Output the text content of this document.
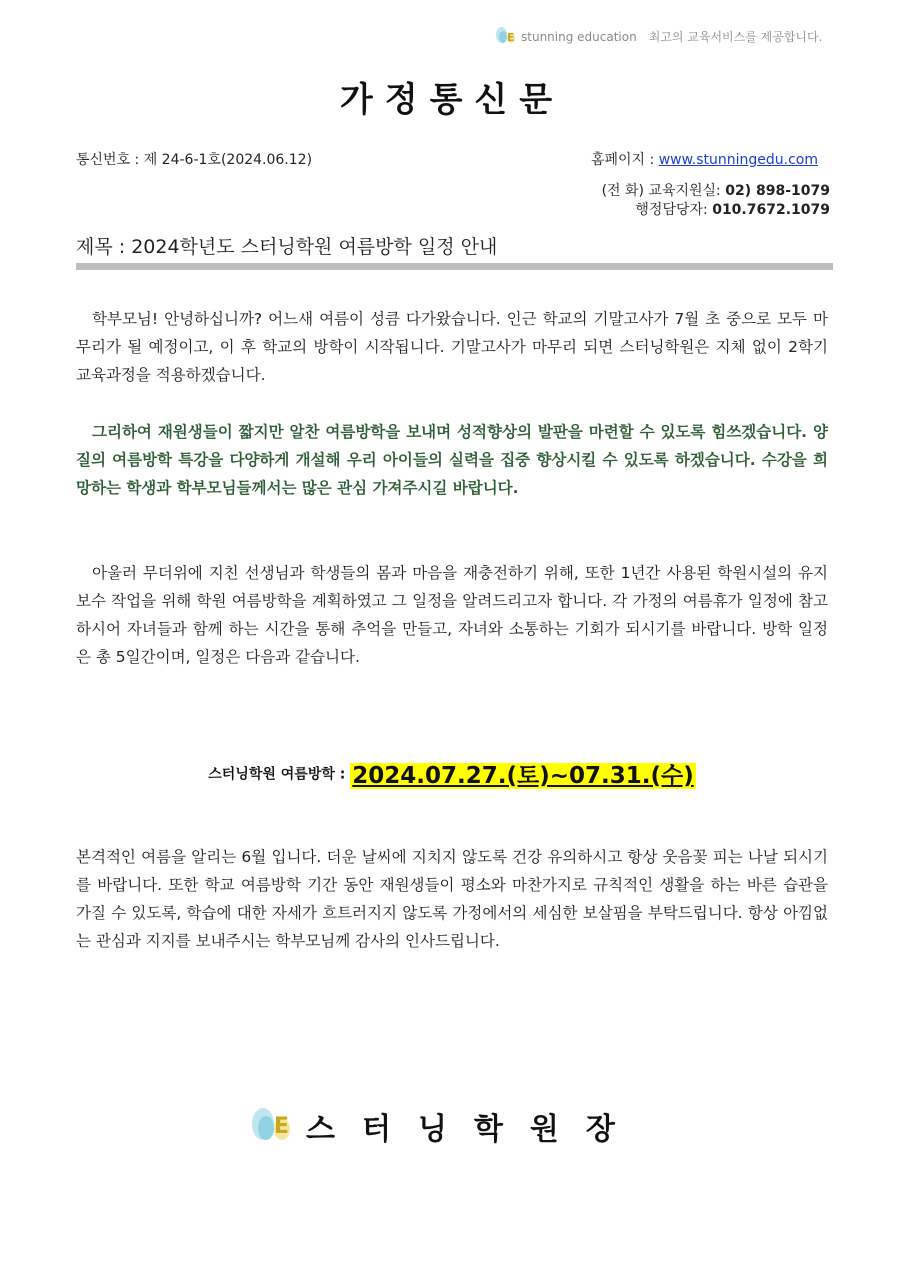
E stunning education 최고의 교육서비스를 제공합니다.
가정통신문
통신번호 : 제 24-6-1호(2024.06.12)	홈페이지 : www.stunningedu.com
(전 화) 교육지원실: 02) 898-1079
행정담당자: 010.7672.1079
제목 : 2024학년도 스터닝학원 여름방학 일정 안내

학부모님! 안녕하십니까? 어느새 여름이 성큼 다가왔습니다. 인근 학교의 기말고사가 7월 초 중으로 모두 마무리가 될 예정이고, 이 후 학교의 방학이 시작됩니다. 기말고사가 마무리 되면 스터닝학원은 지체 없이 2학기 교육과정을 적용하겠습니다.

그리하여 재원생들이 짧지만 알찬 여름방학을 보내며 성적향상의 발판을 마련할 수 있도록 힘쓰겠습니다. 양질의 여름방학 특강을 다양하게 개설해 우리 아이들의 실력을 집중 향상시킬 수 있도록 하겠습니다. 수강을 희망하는 학생과 학부모님들께서는 많은 관심 가져주시길 바랍니다.

아울러 무더위에 지친 선생님과 학생들의 몸과 마음을 재충전하기 위해, 또한 1년간 사용된 학원시설의 유지보수 작업을 위해 학원 여름방학을 계획하였고 그 일정을 알려드리고자 합니다. 각 가정의 여름휴가 일정에 참고하시어 자녀들과 함께 하는 시간을 통해 추억을 만들고, 자녀와 소통하는 기회가 되시기를 바랍니다. 방학 일정은 총 5일간이며, 일정은 다음과 같습니다.

스터닝학원 여름방학 : 2024.07.27.(토)~07.31.(수)

본격적인 여름을 알리는 6월 입니다. 더운 날씨에 지치지 않도록 건강 유의하시고 항상 웃음꽃 피는 나날 되시기를 바랍니다. 또한 학교 여름방학 기간 동안 재원생들이 평소와 마찬가지로 규칙적인 생활을 하는 바른 습관을 가질 수 있도록, 학습에 대한 자세가 흐트러지지 않도록 가정에서의 세심한 보살핌을 부탁드립니다. 항상 아낌없는 관심과 지지를 보내주시는 학부모님께 감사의 인사드립니다.

E 스터닝학원장
